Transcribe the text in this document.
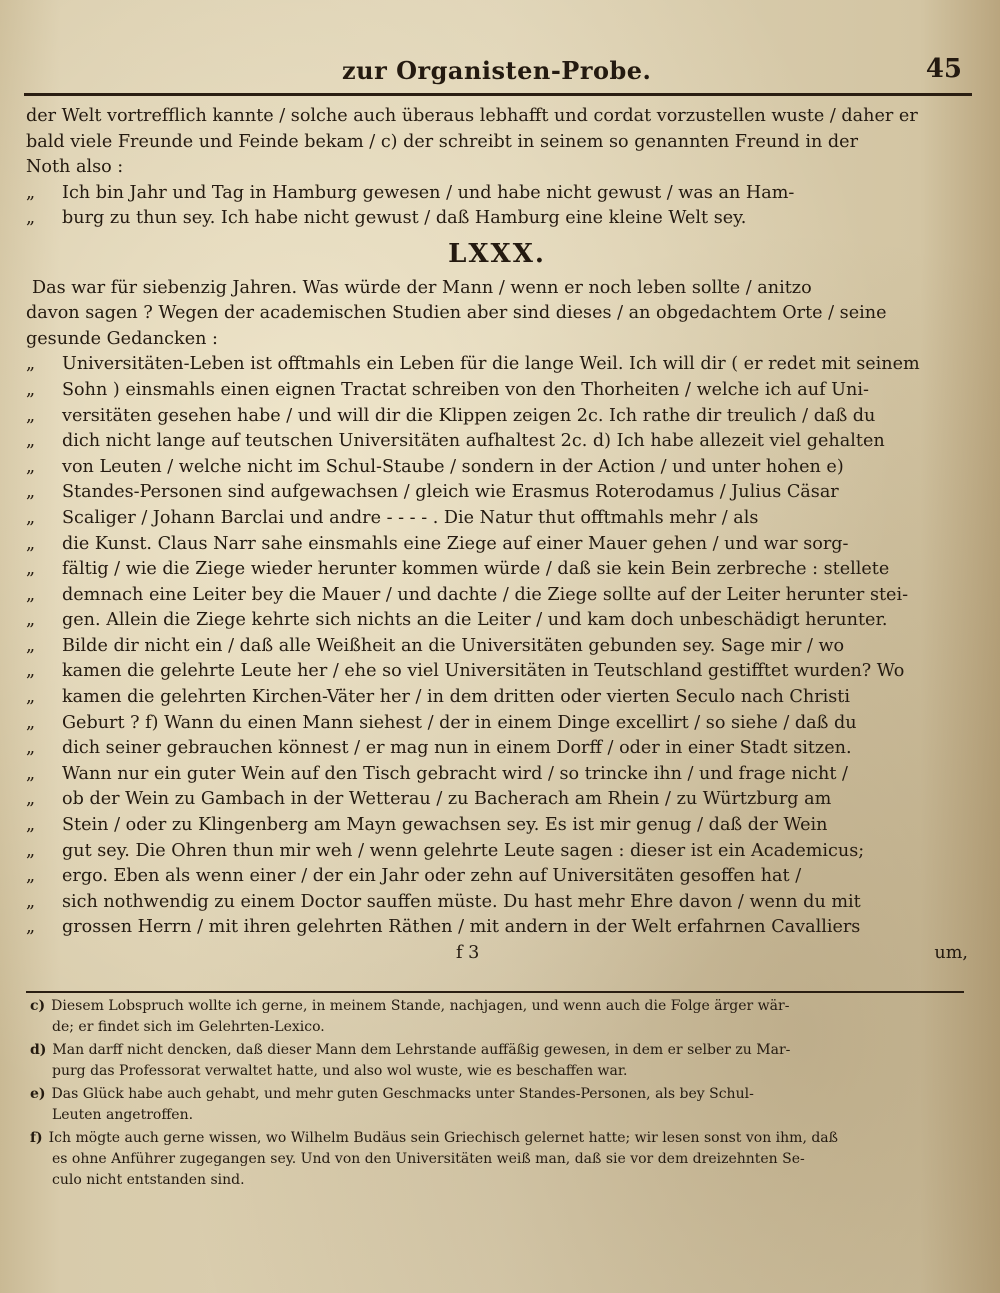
zur Organisten-Probe.	45
der Welt vortrefflich kannte / solche auch überaus lebhafft und cordat vorzustellen wuste / daher er
bald viele Freunde und Feinde bekam / c) der schreibt in seinem so genannten Freund in der
Noth also :
„ Ich bin Jahr und Tag in Hamburg gewesen / und habe nicht gewust / was an Ham-
„ burg zu thun sey. Ich habe nicht gewust / daß Hamburg eine kleine Welt sey.
LXXX.
Das war für siebenzig Jahren. Was würde der Mann / wenn er noch leben sollte / anitzo
davon sagen ? Wegen der academischen Studien aber sind dieses / an obgedachtem Orte / seine
gesunde Gedancken :
„ Universitäten-Leben ist offtmahls ein Leben für die lange Weil. Ich will dir ( er redet mit seinem
„ Sohn ) einsmahls einen eignen Tractat schreiben von den Thorheiten / welche ich auf Uni-
„ versitäten gesehen habe / und will dir die Klippen zeigen 2c. Ich rathe dir treulich / daß du
„ dich nicht lange auf teutschen Universitäten aufhaltest 2c. d) Ich habe allezeit viel gehalten
„ von Leuten / welche nicht im Schul-Staube / sondern in der Action / und unter hohen e)
„ Standes-Personen sind aufgewachsen / gleich wie Erasmus Roterodamus / Julius Cäsar
„ Scaliger / Johann Barclai und andre - - - - . Die Natur thut offtmahls mehr / als
„ die Kunst. Claus Narr sahe einsmahls eine Ziege auf einer Mauer gehen / und war sorg-
„ fältig / wie die Ziege wieder herunter kommen würde / daß sie kein Bein zerbreche : stellete
„ demnach eine Leiter bey die Mauer / und dachte / die Ziege sollte auf der Leiter herunter stei-
„ gen. Allein die Ziege kehrte sich nichts an die Leiter / und kam doch unbeschädigt herunter.
„ Bilde dir nicht ein / daß alle Weißheit an die Universitäten gebunden sey. Sage mir / wo
„ kamen die gelehrte Leute her / ehe so viel Universitäten in Teutschland gestifftet wurden? Wo
„ kamen die gelehrten Kirchen-Väter her / in dem dritten oder vierten Seculo nach Christi
„ Geburt ? f) Wann du einen Mann siehest / der in einem Dinge excellirt / so siehe / daß du
„ dich seiner gebrauchen könnest / er mag nun in einem Dorff / oder in einer Stadt sitzen.
„ Wann nur ein guter Wein auf den Tisch gebracht wird / so trincke ihn / und frage nicht /
„ ob der Wein zu Gambach in der Wetterau / zu Bacherach am Rhein / zu Würtzburg am
„ Stein / oder zu Klingenberg am Mayn gewachsen sey. Es ist mir genug / daß der Wein
„ gut sey. Die Ohren thun mir weh / wenn gelehrte Leute sagen : dieser ist ein Academicus;
„ ergo. Eben als wenn einer / der ein Jahr oder zehn auf Universitäten gesoffen hat /
„ sich nothwendig zu einem Doctor sauffen müste. Du hast mehr Ehre davon / wenn du mit
„ grossen Herrn / mit ihren gelehrten Räthen / mit andern in der Welt erfahrnen Cavalliers
f 3	um,
c) Diesem Lobspruch wollte ich gerne, in meinem Stande, nachjagen, und wenn auch die Folge ärger wär-
de; er findet sich im Gelehrten-Lexico.
d) Man darff nicht dencken, daß dieser Mann dem Lehrstande auffäßig gewesen, in dem er selber zu Mar-
purg das Professorat verwaltet hatte, und also wol wuste, wie es beschaffen war.
e) Das Glück habe auch gehabt, und mehr guten Geschmacks unter Standes-Personen, als bey Schul-
Leuten angetroffen.
f) Ich mögte auch gerne wissen, wo Wilhelm Budäus sein Griechisch gelernet hatte; wir lesen sonst von ihm, daß
es ohne Anführer zugegangen sey. Und von den Universitäten weiß man, daß sie vor dem dreizehnten Se-
culo nicht entstanden sind.
